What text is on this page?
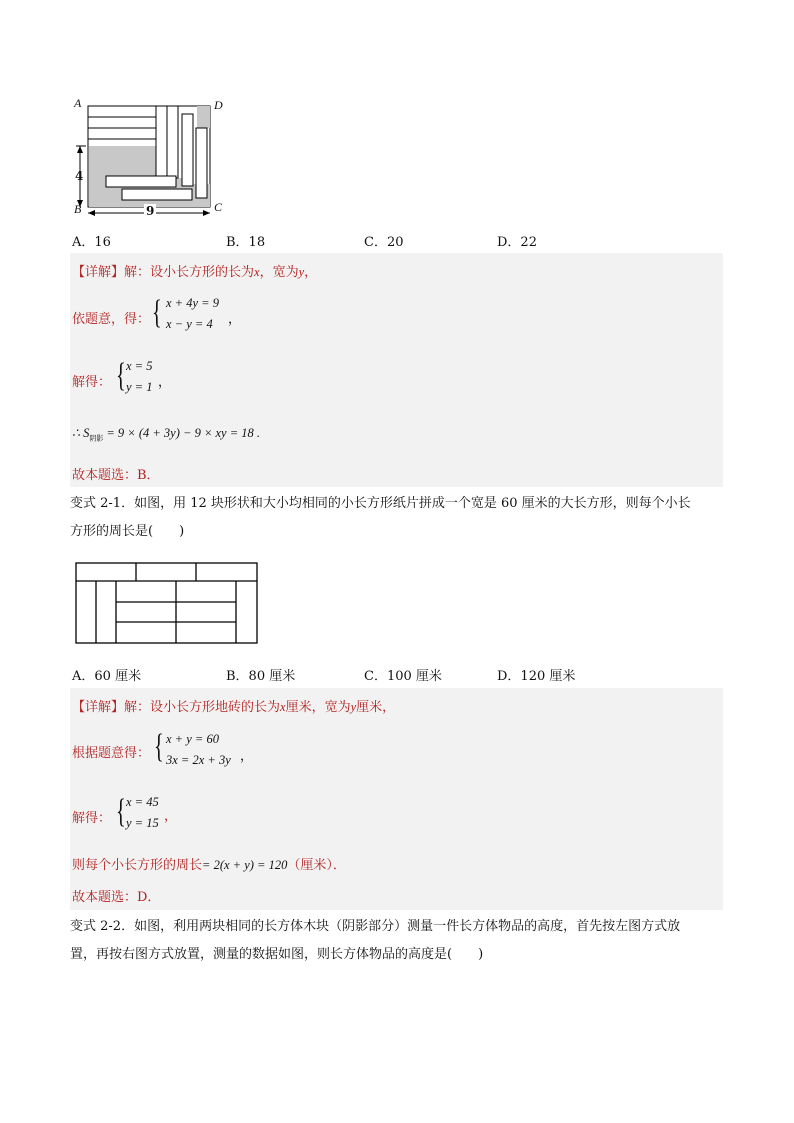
A	D
B	C
4
9
A．16	B．18	C．20	D．22
【详解】解：设小长方形的长为x，宽为y，
依题意，得： { x + 4y = 9
x − y = 4 ，
解得： { x = 5
y = 1 ，
∴ $S_{阴影} = 9 \times (4 + 3y) - 9$ × xy = 18 .
故本题选：B．
变式 2-1．如图，用 12 块形状和大小均相同的小长方形纸片拼成一个宽是 60 厘米的大长方形，则每个小长
方形的周长是(　　)
A．60 厘米	B．80 厘米	C．100 厘米	D．120 厘米
【详解】解：设小长方形地砖的长为x厘米，宽为y厘米，
根据题意得： { x + y = 60
3x = 2x + 3y ，
解得： { x = 45
y = 15 ，
则每个小长方形的周长= 2(x + y) = 120（厘米）．
故本题选：D．
变式 2-2．如图，利用两块相同的长方体木块（阴影部分）测量一件长方体物品的高度，首先按左图方式放
置，再按右图方式放置，测量的数据如图，则长方体物品的高度是(　　)
